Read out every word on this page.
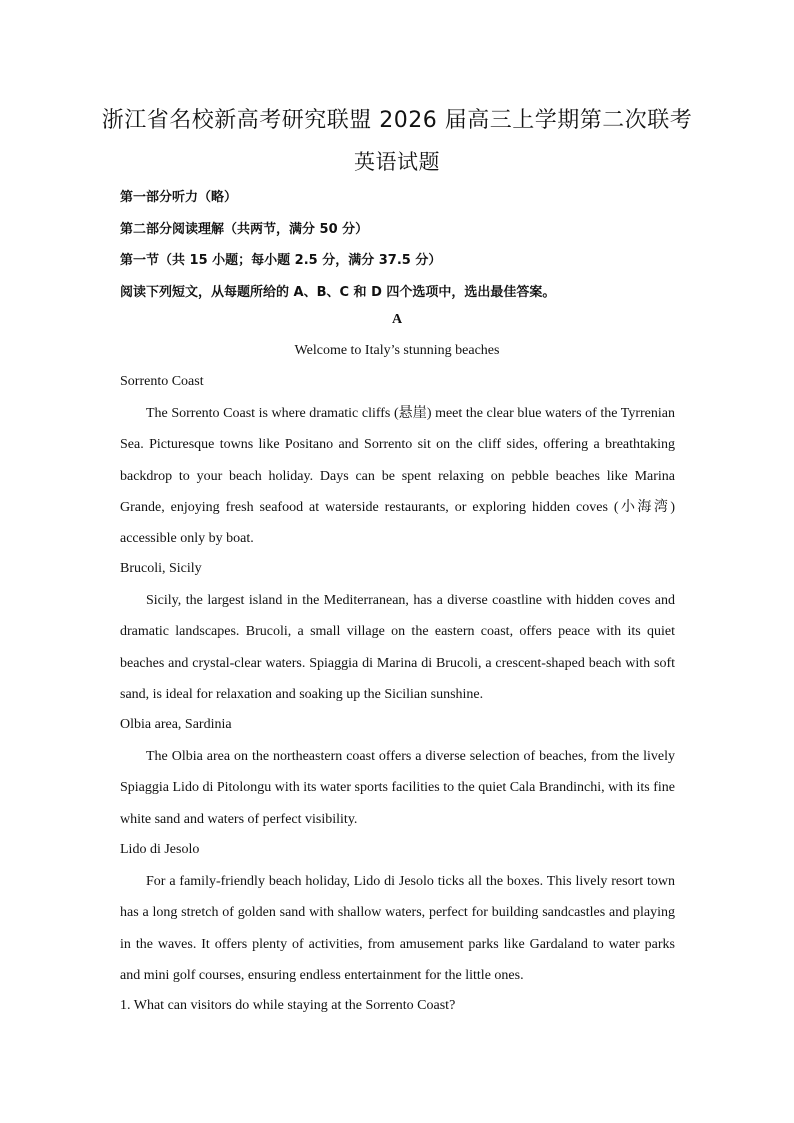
浙江省名校新高考研究联盟 2026 届高三上学期第二次联考
英语试题

第一部分听力（略）

第二部分阅读理解（共两节，满分 50 分）

第一节（共 15 小题；每小题 2.5 分，满分 37.5 分）

阅读下列短文，从每题所给的 A、B、C 和 D 四个选项中，选出最佳答案。

A

Welcome to Italy’s stunning beaches

Sorrento Coast

The Sorrento Coast is where dramatic cliffs (悬崖) meet the clear blue waters of the Tyrrenian Sea. Picturesque towns like Positano and Sorrento sit on the cliff sides, offering a breathtaking backdrop to your beach holiday. Days can be spent relaxing on pebble beaches like Marina Grande, enjoying fresh seafood at waterside restaurants, or exploring hidden coves (小海湾) accessible only by boat.

Brucoli, Sicily

Sicily, the largest island in the Mediterranean, has a diverse coastline with hidden coves and dramatic landscapes. Brucoli, a small village on the eastern coast, offers peace with its quiet beaches and crystal-clear waters. Spiaggia di Marina di Brucoli, a crescent-shaped beach with soft sand, is ideal for relaxation and soaking up the Sicilian sunshine.

Olbia area, Sardinia

The Olbia area on the northeastern coast offers a diverse selection of beaches, from the lively Spiaggia Lido di Pitolongu with its water sports facilities to the quiet Cala Brandinchi, with its fine white sand and waters of perfect visibility.

Lido di Jesolo

For a family-friendly beach holiday, Lido di Jesolo ticks all the boxes. This lively resort town has a long stretch of golden sand with shallow waters, perfect for building sandcastles and playing in the waves. It offers plenty of activities, from amusement parks like Gardaland to water parks and mini golf courses, ensuring endless entertainment for the little ones.

1. What can visitors do while staying at the Sorrento Coast?
